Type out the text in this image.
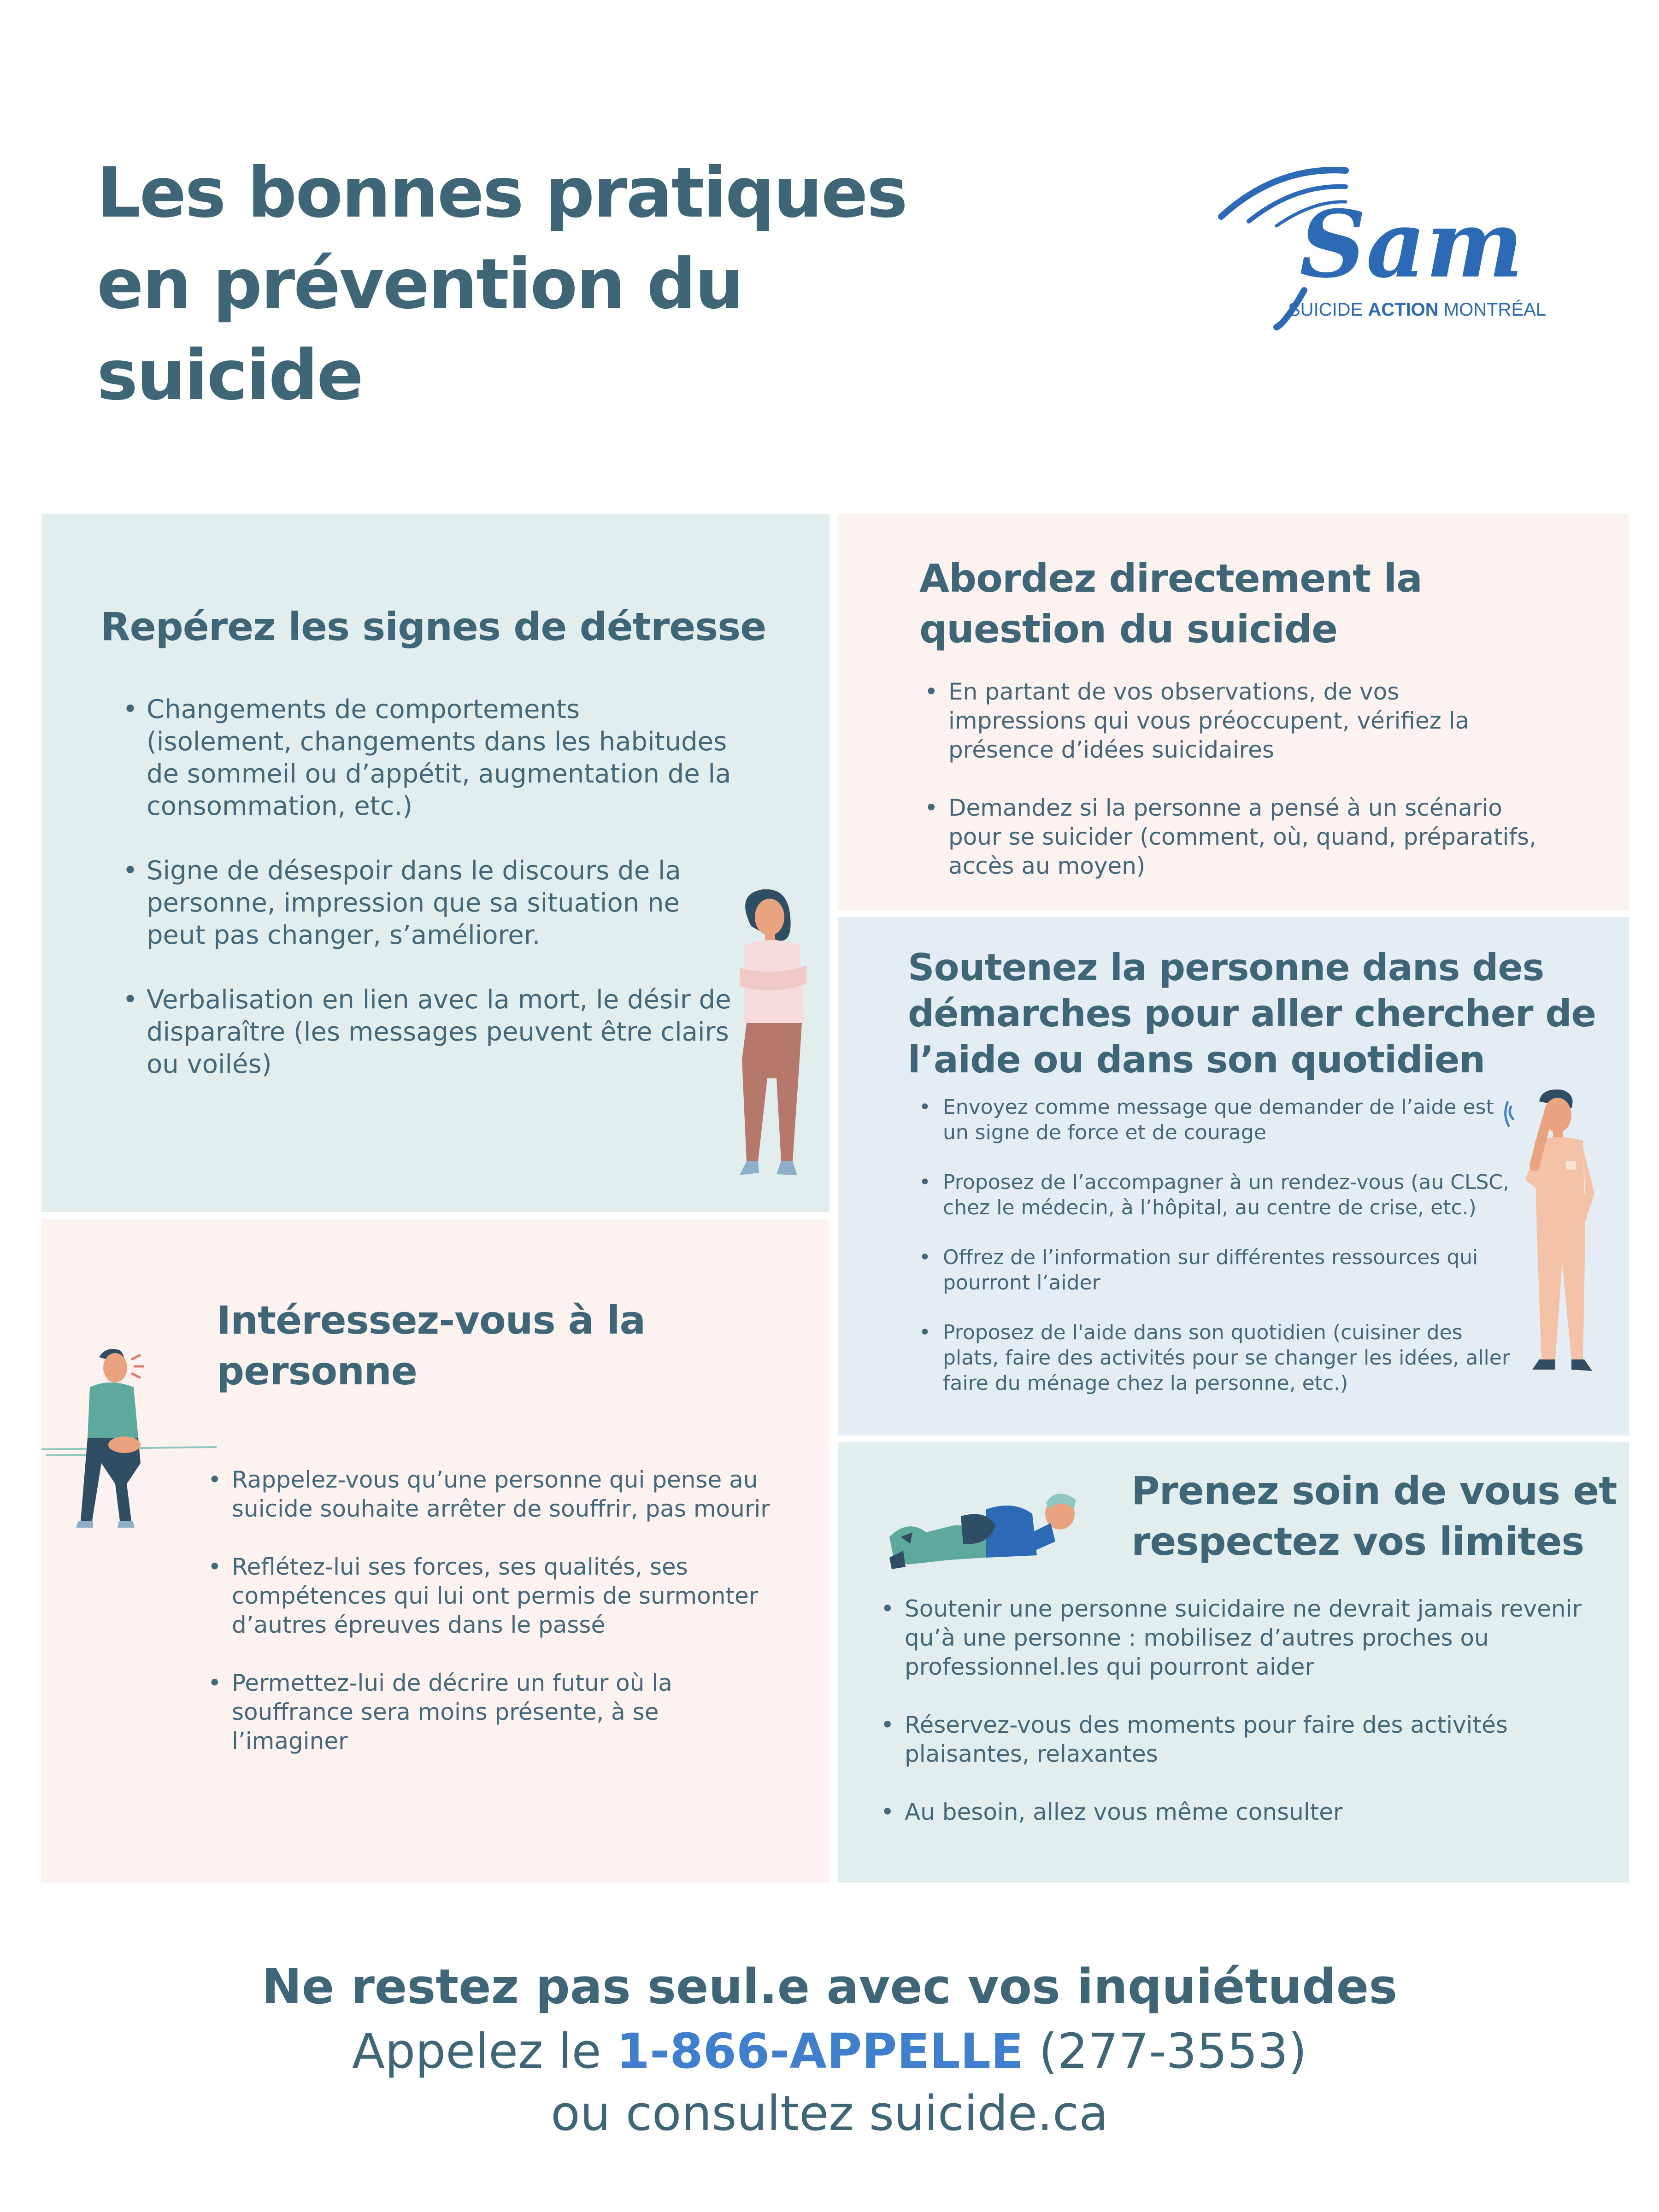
Les bonnes pratiques
en prévention du
suicide
Sam
SUICIDE ACTION MONTRÉAL
Repérez les signes de détresse
• Changements de comportements
(isolement, changements dans les habitudes
de sommeil ou d’appétit, augmentation de la
consommation, etc.)
• Signe de désespoir dans le discours de la
personne, impression que sa situation ne
peut pas changer, s’améliorer.
• Verbalisation en lien avec la mort, le désir de
disparaître (les messages peuvent être clairs
ou voilés)
Abordez directement la
question du suicide
• En partant de vos observations, de vos
impressions qui vous préoccupent, vérifiez la
présence d’idées suicidaires
• Demandez si la personne a pensé à un scénario
pour se suicider (comment, où, quand, préparatifs,
accès au moyen)
Soutenez la personne dans des
démarches pour aller chercher de
l’aide ou dans son quotidien
• Envoyez comme message que demander de l’aide est
un signe de force et de courage
• Proposez de l’accompagner à un rendez-vous (au CLSC,
chez le médecin, à l’hôpital, au centre de crise, etc.)
• Offrez de l’information sur différentes ressources qui
pourront l’aider
• Proposez de l'aide dans son quotidien (cuisiner des
plats, faire des activités pour se changer les idées, aller
faire du ménage chez la personne, etc.)
Intéressez-vous à la
personne
• Rappelez-vous qu’une personne qui pense au
suicide souhaite arrêter de souffrir, pas mourir
• Reflétez-lui ses forces, ses qualités, ses
compétences qui lui ont permis de surmonter
d’autres épreuves dans le passé
• Permettez-lui de décrire un futur où la
souffrance sera moins présente, à se
l’imaginer
Prenez soin de vous et
respectez vos limites
• Soutenir une personne suicidaire ne devrait jamais revenir
qu’à une personne : mobilisez d’autres proches ou
professionnel.les qui pourront aider
• Réservez-vous des moments pour faire des activités
plaisantes, relaxantes
• Au besoin, allez vous même consulter
Ne restez pas seul.e avec vos inquiétudes
Appelez le 1-866-APPELLE (277-3553)
ou consultez suicide.ca
